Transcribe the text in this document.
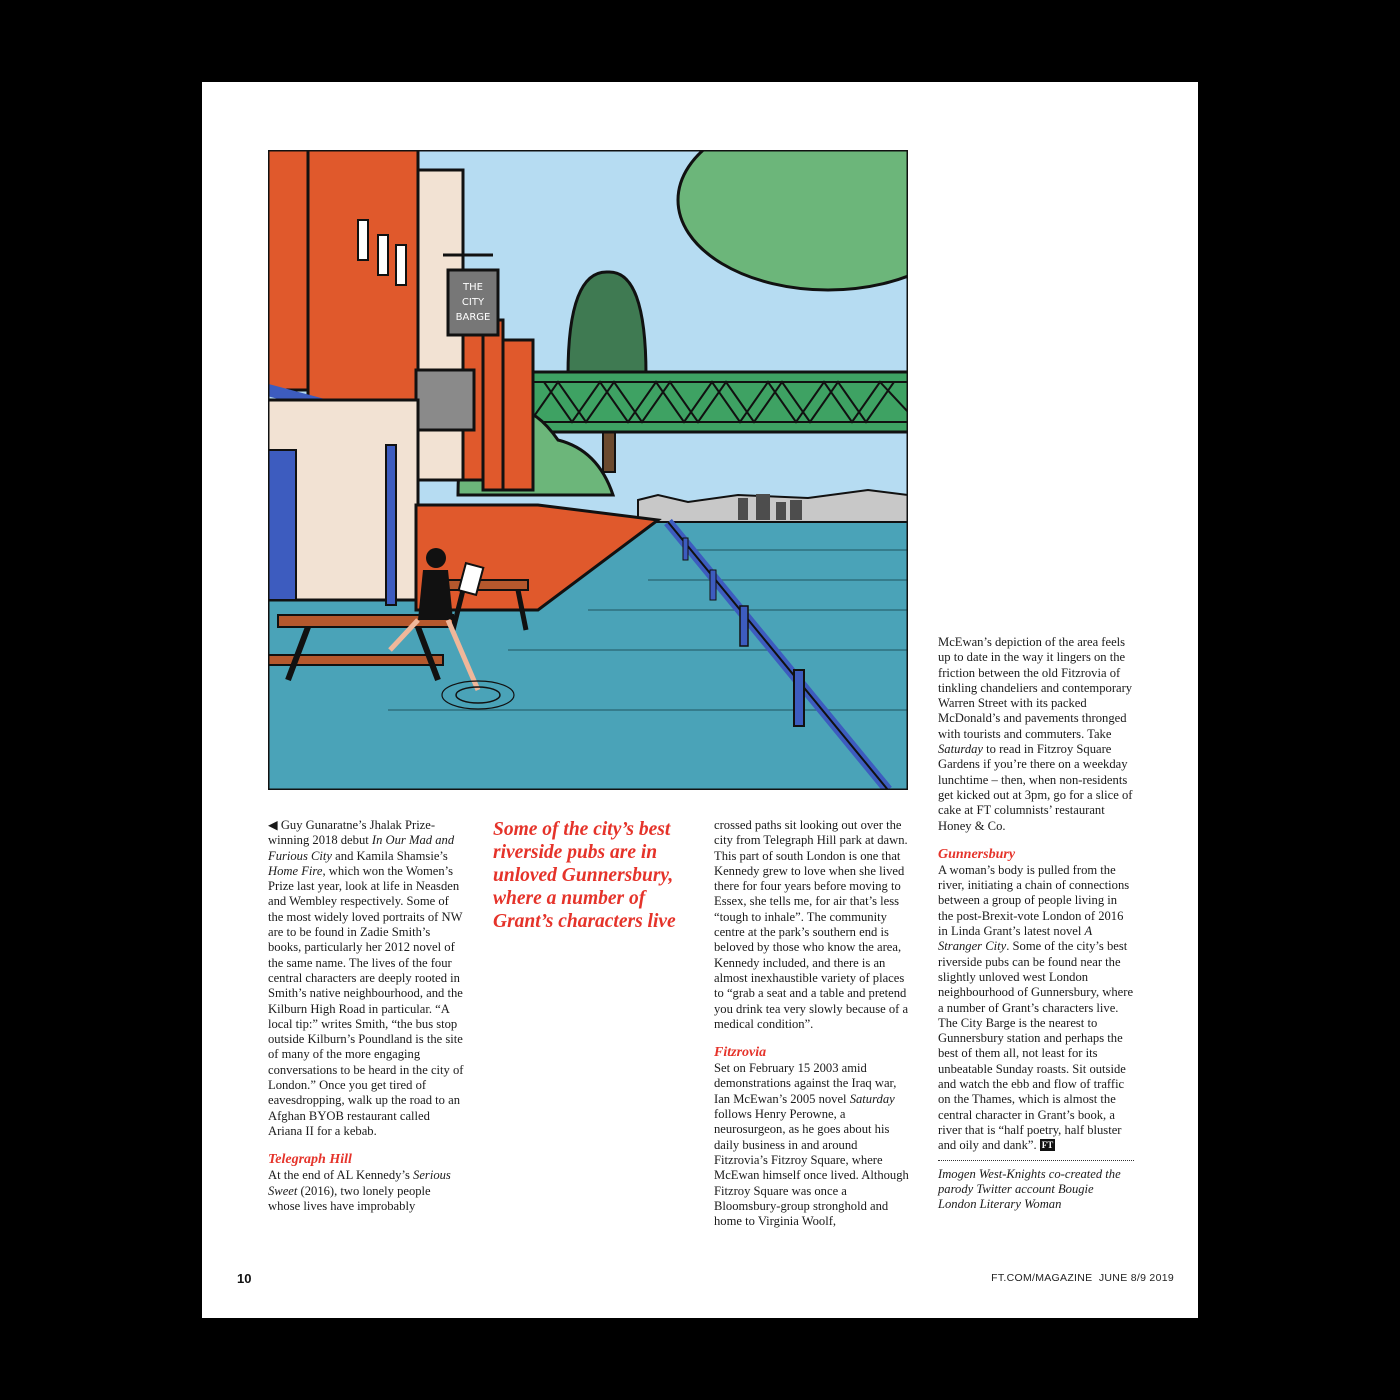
THE
CITY
BARGE

◀ Guy Gunaratne’s Jhalak Prize-winning 2018 debut In Our Mad and Furious City and Kamila Shamsie’s Home Fire, which won the Women’s Prize last year, look at life in Neasden and Wembley respectively. Some of the most widely loved portraits of NW are to be found in Zadie Smith’s books, particularly her 2012 novel of the same name. The lives of the four central characters are deeply rooted in Smith’s native neighbourhood, and the Kilburn High Road in particular. “A local tip:” writes Smith, “the bus stop outside Kilburn’s Poundland is the site of many of the more engaging conversations to be heard in the city of London.” Once you get tired of eavesdropping, walk up the road to an Afghan BYOB restaurant called Ariana II for a kebab.

Telegraph Hill

At the end of AL Kennedy’s Serious Sweet (2016), two lonely people whose lives have improbably

Some of the city’s best riverside pubs are in unloved Gunnersbury, where a number of Grant’s characters live

crossed paths sit looking out over the city from Telegraph Hill park at dawn. This part of south London is one that Kennedy grew to love when she lived there for four years before moving to Essex, she tells me, for air that’s less “tough to inhale”. The community centre at the park’s southern end is beloved by those who know the area, Kennedy included, and there is an almost inexhaustible variety of places to “grab a seat and a table and pretend you drink tea very slowly because of a medical condition”.

Fitzrovia

Set on February 15 2003 amid demonstrations against the Iraq war, Ian McEwan’s 2005 novel Saturday follows Henry Perowne, a neurosurgeon, as he goes about his daily business in and around Fitzrovia’s Fitzroy Square, where McEwan himself once lived. Although Fitzroy Square was once a Bloomsbury-group stronghold and home to Virginia Woolf,

McEwan’s depiction of the area feels up to date in the way it lingers on the friction between the old Fitzrovia of tinkling chandeliers and contemporary Warren Street with its packed McDonald’s and pavements thronged with tourists and commuters. Take Saturday to read in Fitzroy Square Gardens if you’re there on a weekday lunchtime – then, when non-residents get kicked out at 3pm, go for a slice of cake at FT columnists’ restaurant Honey & Co.

Gunnersbury

A woman’s body is pulled from the river, initiating a chain of connections between a group of people living in the post-Brexit-vote London of 2016 in Linda Grant’s latest novel A Stranger City. Some of the city’s best riverside pubs can be found near the slightly unloved west London neighbourhood of Gunnersbury, where a number of Grant’s characters live. The City Barge is the nearest to Gunnersbury station and perhaps the best of them all, not least for its unbeatable Sunday roasts. Sit outside and watch the ebb and flow of traffic on the Thames, which is almost the central character in Grant’s book, a river that is “half poetry, half bluster and oily and dank”. FT

Imogen West-Knights co-created the parody Twitter account Bougie London Literary Woman

10	FT.COM/MAGAZINE  JUNE 8/9 2019
